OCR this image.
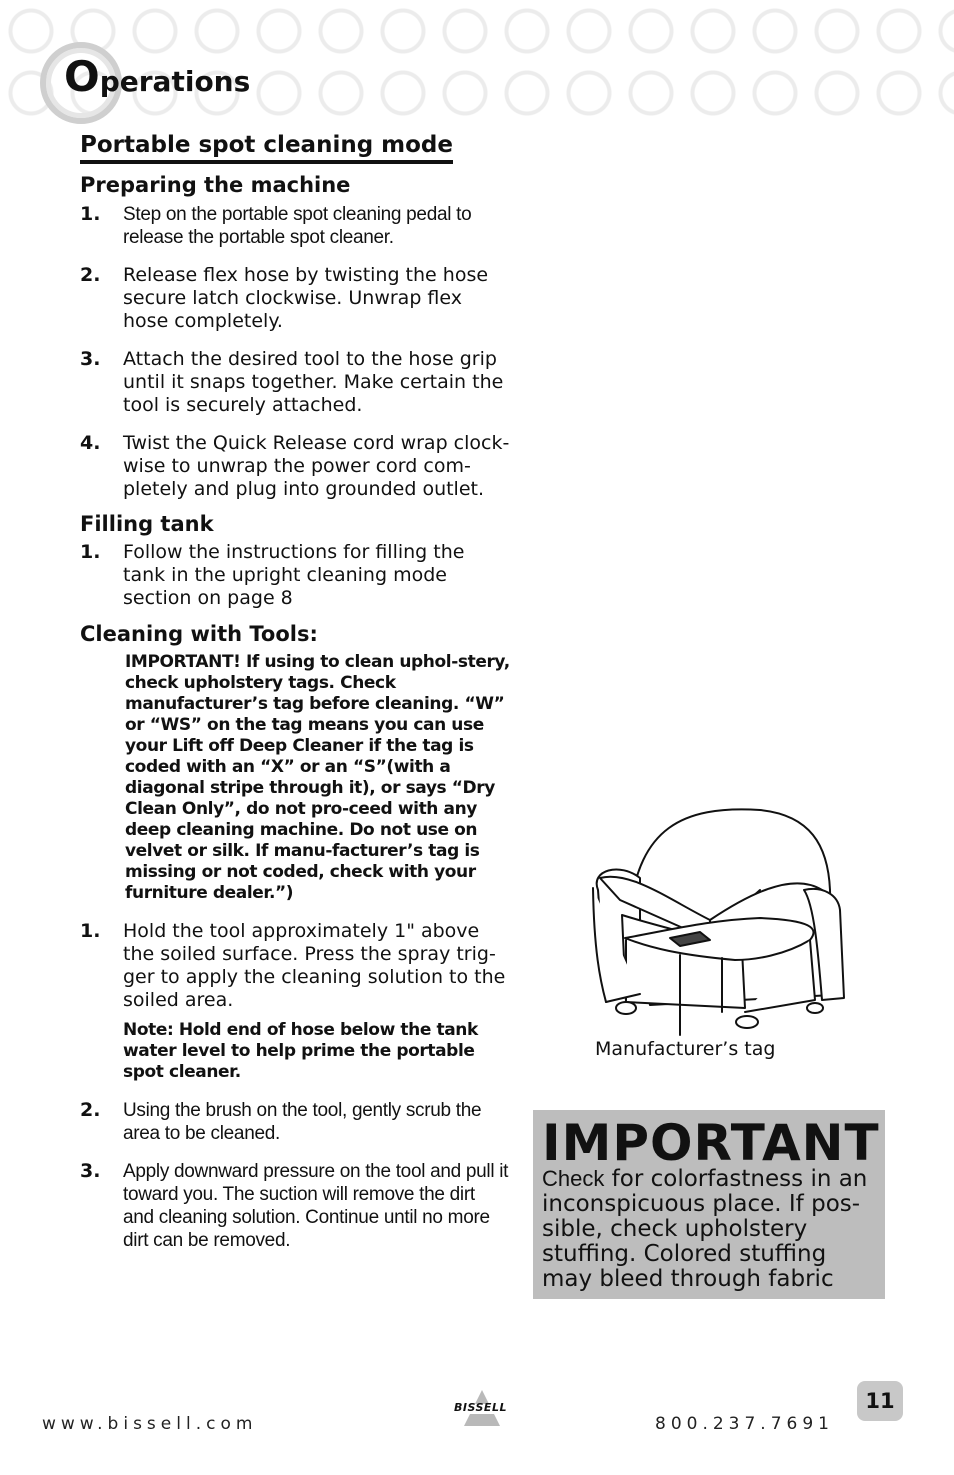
Operations
Portable spot cleaning mode
Preparing the machine
1.	Step on the portable spot cleaning pedal to release the portable spot cleaner.
2.	Release flex hose by twisting the hose secure latch clockwise. Unwrap flex hose completely.
3.	Attach the desired tool to the hose grip until it snaps together. Make certain the tool is securely attached.
4.	Twist the Quick Release cord wrap clock-wise to unwrap the power cord com-pletely and plug into grounded outlet.
Filling tank
1.	Follow the instructions for filling the tank in the upright cleaning mode section on page 8
Cleaning with Tools:

IMPORTANT! If using to clean uphol-stery, check upholstery tags. Check manufacturer’s tag before cleaning. “W” or “WS” on the tag means you can use your Lift off Deep Cleaner if the tag is coded with an “X” or an “S”(with a diagonal stripe through it), or says “Dry Clean Only”, do not pro-ceed with any deep cleaning machine. Do not use on velvet or silk. If manu-facturer’s tag is missing or not coded, check with your furniture dealer.”)

1.	Hold the tool approximately 1" above the soiled surface. Press the spray trig-ger to apply the cleaning solution to the soiled area.

Note: Hold end of hose below the tank water level to help prime the portable spot cleaner.

2.	Using the brush on the tool, gently scrub the area to be cleaned.
3.	Apply downward pressure on the tool and pull it toward you. The suction will remove the dirt and cleaning solution. Continue until no more dirt can be removed.
Manufacturer’s tag
IMPORTANT
Check for colorfastness in an inconspicuous place. If pos-sible, check upholstery stuffing. Colored stuffing may bleed through fabric
www.bissell.com
BISSELL
800.237.7691
11
